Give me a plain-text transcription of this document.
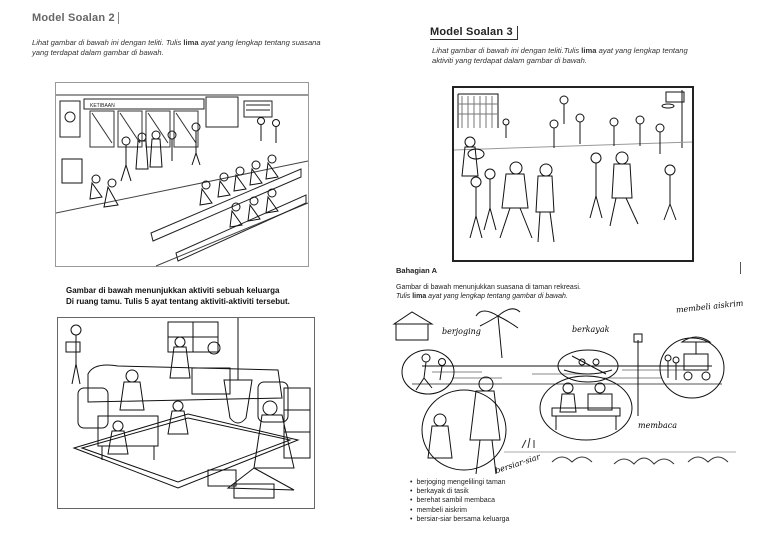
Model Soalan 2
Lihat gambar di bawah ini dengan teliti. Tulis lima ayat yang lengkap tentang suasana yang terdapat dalam gambar di bawah.
KETIBAAN
Gambar di bawah menunjukkan aktiviti sebuah keluarga
Di ruang tamu. Tulis 5 ayat tentang aktiviti-aktiviti tersebut.
Model Soalan 3
Lihat gambar di bawah ini dengan teliti.Tulis lima ayat yang lengkap tentang aktiviti yang terdapat dalam gambar di bawah.
Bahagian A
Gambar di bawah menunjukkan suasana di taman rekreasi.
Tulis lima ayat yang lengkap tentang gambar di bawah.
berjoging	berkayak
membeli aiskrim
membaca
bersiar-siar
• berjoging mengelilingi taman
• berkayak di tasik
• berehat sambil membaca
• membeli aiskrim
• bersiar-siar bersama keluarga
